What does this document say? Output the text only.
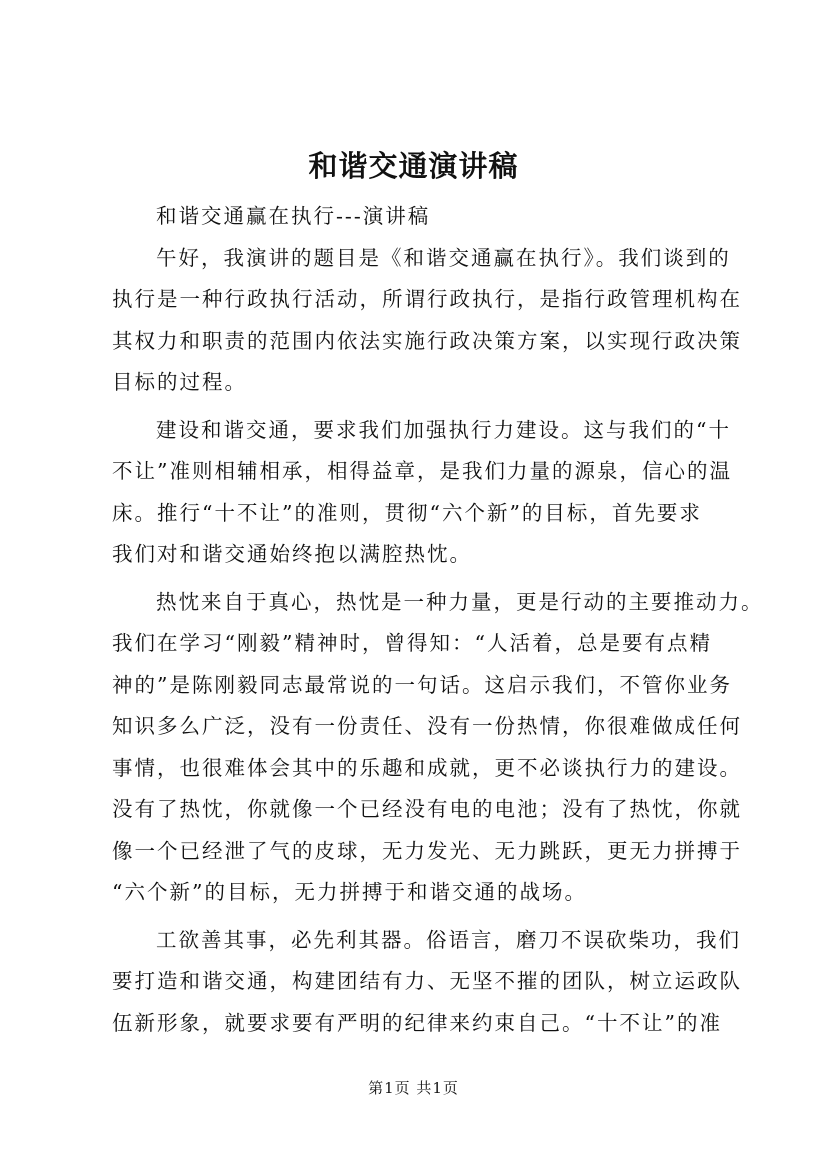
和谐交通演讲稿
和谐交通赢在执行---演讲稿
午好，我演讲的题目是《和谐交通赢在执行》。我们谈到的
执行是一种行政执行活动，所谓行政执行，是指行政管理机构在
其权力和职责的范围内依法实施行政决策方案，以实现行政决策
目标的过程。
建设和谐交通，要求我们加强执行力建设。这与我们的“十
不让”准则相辅相承，相得益章，是我们力量的源泉，信心的温
床。推行“十不让”的准则，贯彻“六个新”的目标，首先要求
我们对和谐交通始终抱以满腔热忱。
热忱来自于真心，热忱是一种力量，更是行动的主要推动力。
我们在学习“刚毅”精神时，曾得知：“人活着，总是要有点精
神的”是陈刚毅同志最常说的一句话。这启示我们，不管你业务
知识多么广泛，没有一份责任、没有一份热情，你很难做成任何
事情，也很难体会其中的乐趣和成就，更不必谈执行力的建设。
没有了热忱，你就像一个已经没有电的电池；没有了热忱，你就
像一个已经泄了气的皮球，无力发光、无力跳跃，更无力拼搏于
“六个新”的目标，无力拼搏于和谐交通的战场。
工欲善其事，必先利其器。俗语言，磨刀不误砍柴功，我们
要打造和谐交通，构建团结有力、无坚不摧的团队，树立运政队
伍新形象，就要求要有严明的纪律来约束自己。“十不让”的准
第1页 共1页
